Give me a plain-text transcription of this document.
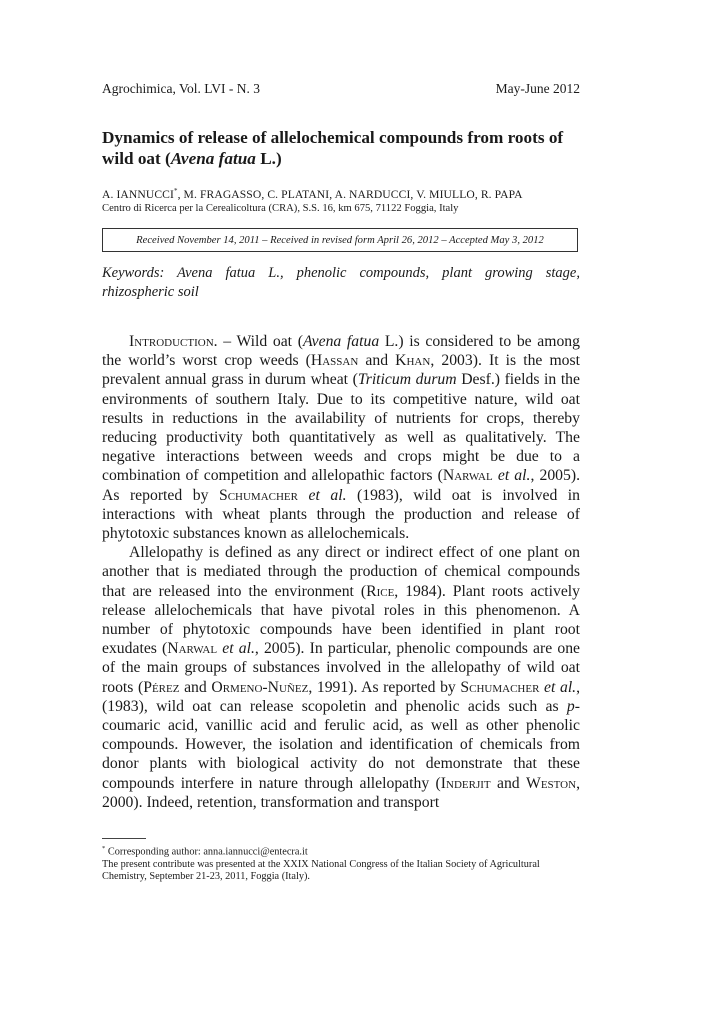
Agrochimica, Vol. LVI - N. 3	May-June 2012
Dynamics of release of allelochemical compounds from roots of wild oat (Avena fatua L.)
A. IANNUCCI*, M. FRAGASSO, C. PLATANI, A. NARDUCCI, V. MIULLO, R. PAPA
Centro di Ricerca per la Cerealicoltura (CRA), S.S. 16, km 675, 71122 Foggia, Italy
Received November 14, 2011 – Received in revised form April 26, 2012 – Accepted May 3, 2012
Keywords: Avena fatua L., phenolic compounds, plant growing stage, rhizospheric soil

Introduction. – Wild oat (Avena fatua L.) is considered to be among the world’s worst crop weeds (Hassan and Khan, 2003). It is the most prevalent annual grass in durum wheat (Triticum durum Desf.) fields in the environments of southern Italy. Due to its competitive nature, wild oat results in reductions in the availability of nutrients for crops, thereby reducing productivity both quantitatively as well as qualitatively. The negative interactions between weeds and crops might be due to a combination of competition and allelopathic factors (Narwal et al., 2005). As reported by Schumacher et al. (1983), wild oat is involved in interactions with wheat plants through the production and release of phytotoxic substances known as allelochemicals.

Allelopathy is defined as any direct or indirect effect of one plant on another that is mediated through the production of chemical compounds that are released into the environment (Rice, 1984). Plant roots actively release allelochemicals that have pivotal roles in this phenomenon. A number of phytotoxic compounds have been identified in plant root exudates (Narwal et al., 2005). In particular, phenolic compounds are one of the main groups of substances involved in the allelopathy of wild oat roots (Pérez and Ormeno-Nuñez, 1991). As reported by Schumacher et al., (1983), wild oat can release scopoletin and phenolic acids such as p-coumaric acid, vanillic acid and ferulic acid, as well as other phenolic compounds. However, the isolation and identification of chemicals from donor plants with biological activity do not demonstrate that these compounds interfere in nature through allelopathy (Inderjit and Weston, 2000). Indeed, retention, transformation and transport

* Corresponding author: anna.iannucci@entecra.it
The present contribute was presented at the XXIX National Congress of the Italian Society of Agricultural Chemistry, September 21-23, 2011, Foggia (Italy).
